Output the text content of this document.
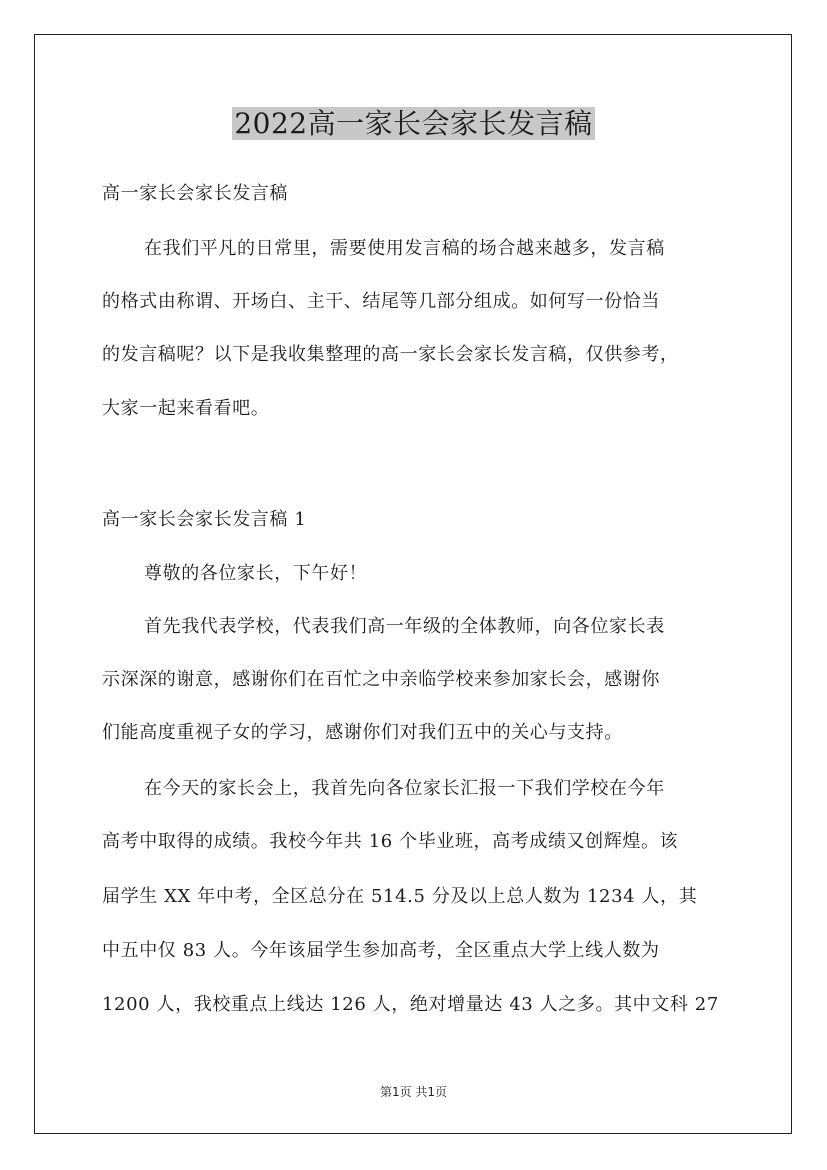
2022高一家长会家长发言稿
高一家长会家长发言稿
在我们平凡的日常里，需要使用发言稿的场合越来越多，发言稿
的格式由称谓、开场白、主干、结尾等几部分组成。如何写一份恰当
的发言稿呢？以下是我收集整理的高一家长会家长发言稿，仅供参考，
大家一起来看看吧。
高一家长会家长发言稿 1
尊敬的各位家长，下午好！
首先我代表学校，代表我们高一年级的全体教师，向各位家长表
示深深的谢意，感谢你们在百忙之中亲临学校来参加家长会，感谢你
们能高度重视子女的学习，感谢你们对我们五中的关心与支持。
在今天的家长会上，我首先向各位家长汇报一下我们学校在今年
高考中取得的成绩。我校今年共 16 个毕业班，高考成绩又创辉煌。该
届学生 XX 年中考，全区总分在 514.5 分及以上总人数为 1234 人，其
中五中仅 83 人。今年该届学生参加高考，全区重点大学上线人数为
1200 人，我校重点上线达 126 人，绝对增量达 43 人之多。其中文科 27
第1页 共1页
